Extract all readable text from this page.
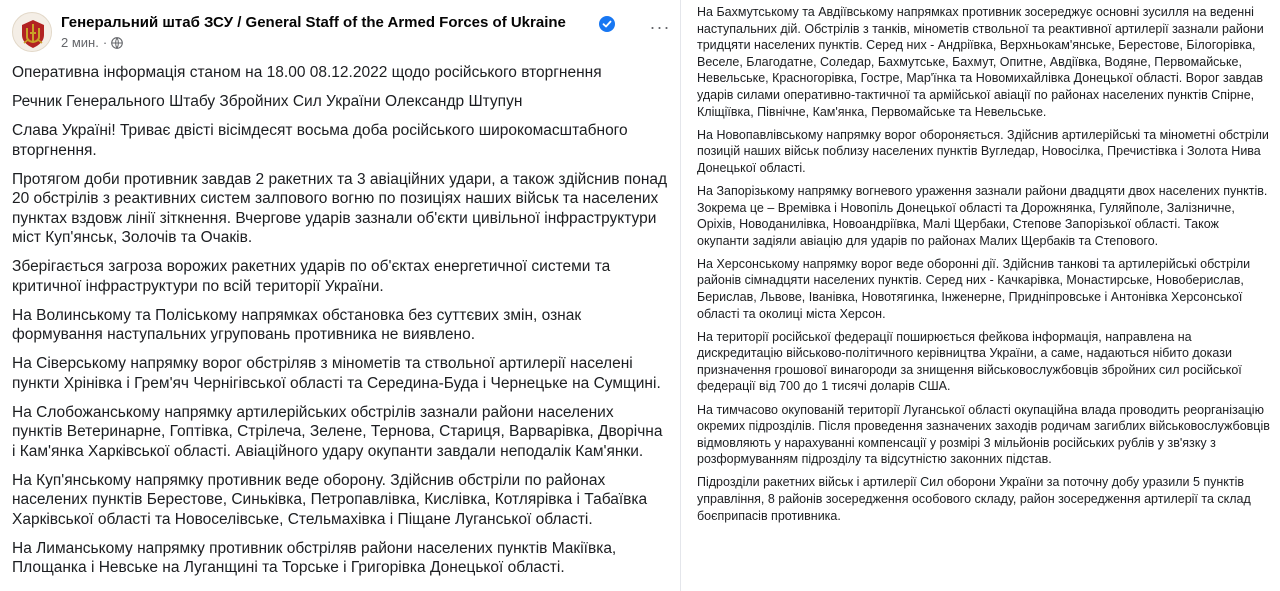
Генеральний штаб ЗСУ / General Staff of the Armed Forces of Ukraine
2 мин. ·
···

Оперативна інформація станом на 18.00 08.12.2022 щодо російського вторгнення

Речник Генерального Штабу Збройних Сил України Олександр Штупун

Слава Україні! Триває двісті вісімдесят восьма доба російського широкомасштабного вторгнення.

Протягом доби противник завдав 2 ракетних та 3 авіаційних удари, а також здійснив понад 20 обстрілів з реактивних систем залпового вогню по позиціях наших військ та населених пунктах вздовж лінії зіткнення. Вчергове ударів зазнали об'єкти цивільної інфраструктури міст Куп'янськ, Золочів та Очаків.

Зберігається загроза ворожих ракетних ударів по об'єктах енергетичної системи та критичної інфраструктури по всій території України.

На Волинському та Поліському напрямках обстановка без суттєвих змін, ознак формування наступальних угруповань противника не виявлено.

На Сіверському напрямку ворог обстріляв з мінометів та ствольної артилерії населені пункти Хрінівка і Грем'яч Чернігівської області та Середина-Буда і Чернецьке на Сумщині.

На Слобожанському напрямку артилерійських обстрілів зазнали райони населених пунктів Ветеринарне, Гоптівка, Стрілеча, Зелене, Тернова, Стариця, Варварівка, Дворічна і Кам'янка Харківської області. Авіаційного удару окупанти завдали неподалік Кам'янки.

На Куп'янському напрямку противник веде оборону. Здійснив обстріли по районах населених пунктів Берестове, Синьківка, Петропавлівка, Кислівка, Котлярівка і Табаївка Харківської області та Новоселівське, Стельмахівка і Піщане Луганської області.

На Лиманському напрямку противник обстріляв райони населених пунктів Макіївка, Площанка і Невське на Луганщині та Торське і Григорівка Донецької області.

На Бахмутському та Авдіївському напрямках противник зосереджує основні зусилля на веденні наступальних дій. Обстрілів з танків, мінометів ствольної та реактивної артилерії зазнали райони тридцяти населених пунктів. Серед них - Андріївка, Верхньокам'янське, Берестове, Білогорівка, Веселе, Благодатне, Соледар, Бахмутське, Бахмут, Опитне, Авдіївка, Водяне, Первомайське, Невельське, Красногорівка, Гостре, Мар'їнка та Новомихайлівка Донецької області. Ворог завдав ударів силами оперативно-тактичної та армійської авіації по районах населених пунктів Спірне, Кліщіївка, Північне, Кам'янка, Первомайське та Невельське.

На Новопавлівському напрямку ворог обороняється. Здійснив артилерійські та мінометні обстріли позицій наших військ поблизу населених пунктів Вугледар, Новосілка, Пречистівка і Золота Нива Донецької області.

На Запорізькому напрямку вогневого ураження зазнали райони двадцяти двох населених пунктів. Зокрема це – Времівка і Новопіль Донецької області та Дорожнянка, Гуляйполе, Залізничне, Оріхів, Новоданилівка, Новоандріївка, Малі Щербаки, Степове Запорізької області. Також окупанти задіяли авіацію для ударів по районах Малих Щербаків та Степового.

На Херсонському напрямку ворог веде оборонні дії. Здійснив танкові та артилерійські обстріли районів сімнадцяти населених пунктів. Серед них - Качкарівка, Монастирське, Новоберислав, Берислав, Львове, Іванівка, Новотягинка, Інженерне, Придніпровське і Антонівка Херсонської області та околиці міста Херсон.

На території російської федерації поширюється фейкова інформація, направлена на дискредитацію військово-політичного керівництва України, а саме, надаються нібито докази призначення грошової винагороди за знищення військовослужбовців збройних сил російської федерації від 700 до 1 тисячі доларів США.

На тимчасово окупованій території Луганської області окупаційна влада проводить реорганізацію окремих підрозділів. Після проведення зазначених заходів родичам загиблих військовослужбовців відмовляють у нарахуванні компенсації у розмірі 3 мільйонів російських рублів у зв'язку з розформуванням підрозділу та відсутністю законних підстав.

Підрозділи ракетних військ і артилерії Сил оборони України за поточну добу уразили 5 пунктів управління, 8 районів зосередження особового складу, район зосередження артилерії та склад боєприпасів противника.
